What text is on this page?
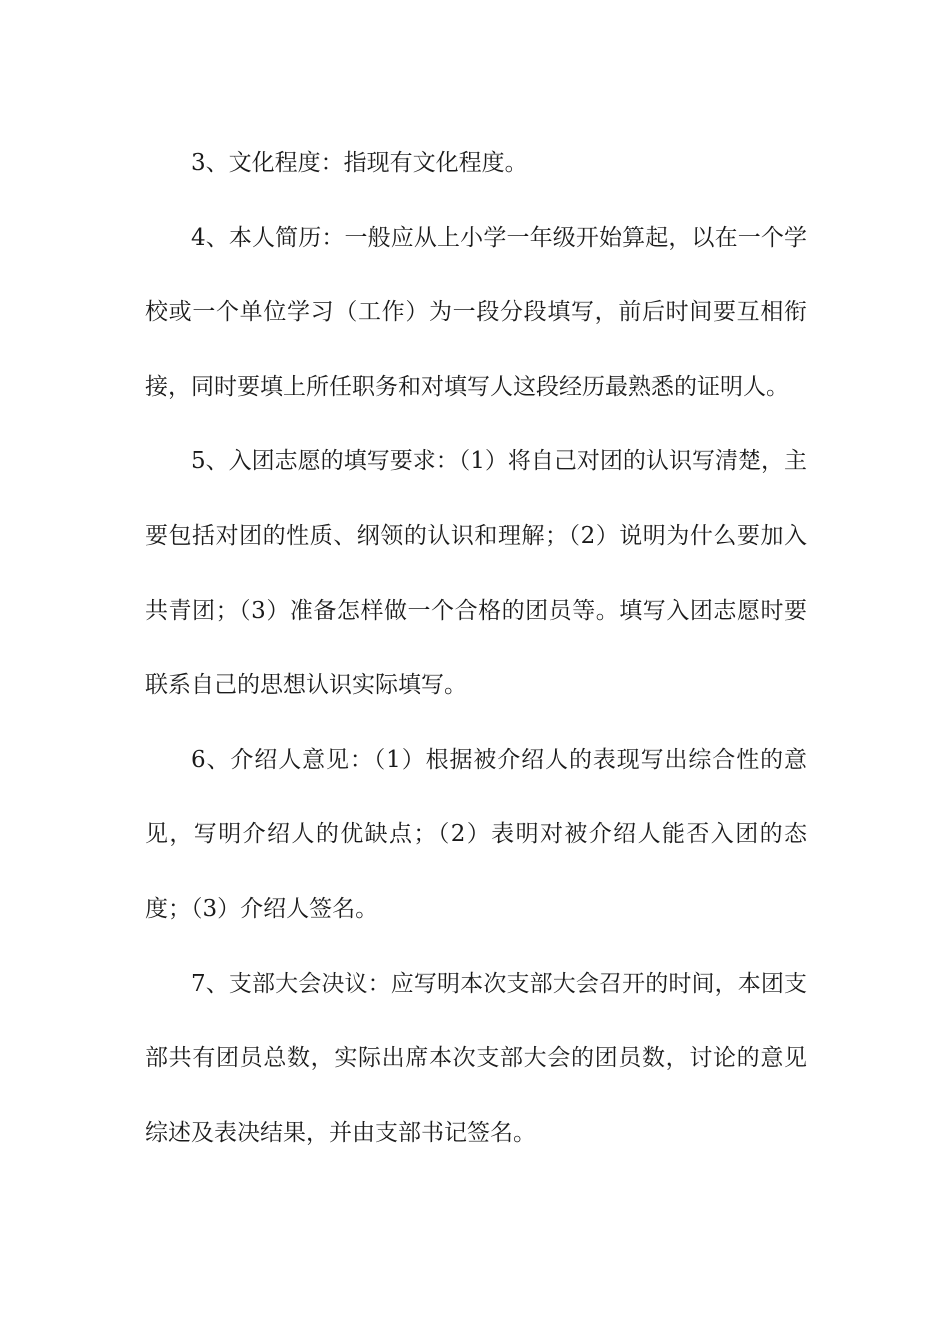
3、文化程度：指现有文化程度。

4、本人简历：一般应从上小学一年级开始算起，以在一个学校或一个单位学习（工作）为一段分段填写，前后时间要互相衔接，同时要填上所任职务和对填写人这段经历最熟悉的证明人。

5、入团志愿的填写要求：（1）将自己对团的认识写清楚，主要包括对团的性质、纲领的认识和理解；（2）说明为什么要加入共青团；（3）准备怎样做一个合格的团员等。填写入团志愿时要联系自己的思想认识实际填写。

6、介绍人意见：（1）根据被介绍人的表现写出综合性的意见，写明介绍人的优缺点；（2）表明对被介绍人能否入团的态度；（3）介绍人签名。

7、支部大会决议：应写明本次支部大会召开的时间，本团支部共有团员总数，实际出席本次支部大会的团员数，讨论的意见综述及表决结果，并由支部书记签名。
